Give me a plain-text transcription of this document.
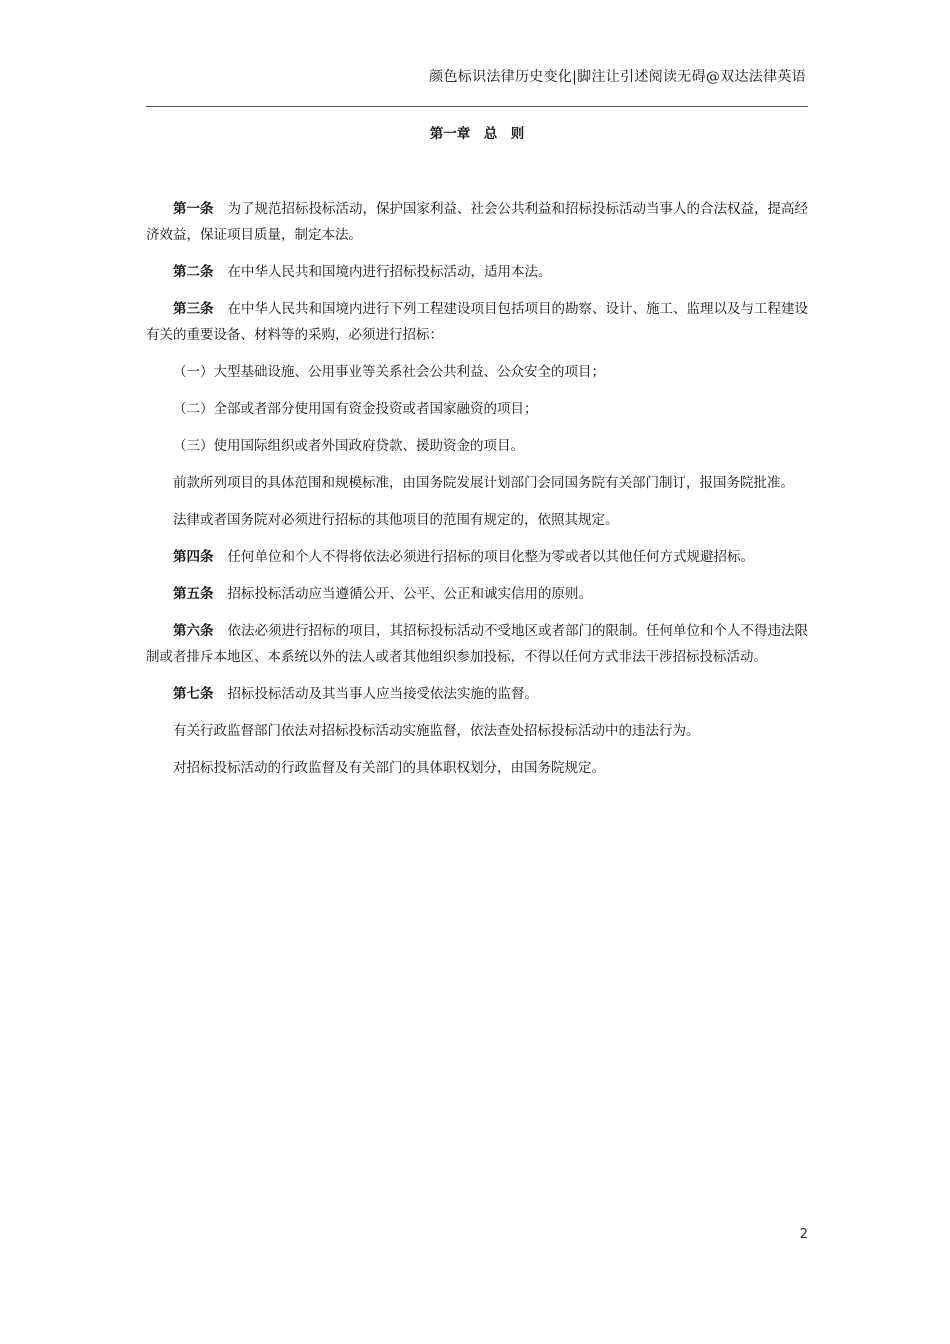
颜色标识法律历史变化|脚注让引述阅读无碍@双达法律英语
第一章　总　则

第一条 为了规范招标投标活动，保护国家利益、社会公共利益和招标投标活动当事人的合法权益，提高经济效益，保证项目质量，制定本法。

第二条 在中华人民共和国境内进行招标投标活动，适用本法。

第三条 在中华人民共和国境内进行下列工程建设项目包括项目的勘察、设计、施工、监理以及与工程建设有关的重要设备、材料等的采购，必须进行招标：

（一）大型基础设施、公用事业等关系社会公共利益、公众安全的项目；

（二）全部或者部分使用国有资金投资或者国家融资的项目；

（三）使用国际组织或者外国政府贷款、援助资金的项目。

前款所列项目的具体范围和规模标准，由国务院发展计划部门会同国务院有关部门制订，报国务院批准。

法律或者国务院对必须进行招标的其他项目的范围有规定的，依照其规定。

第四条 任何单位和个人不得将依法必须进行招标的项目化整为零或者以其他任何方式规避招标。

第五条 招标投标活动应当遵循公开、公平、公正和诚实信用的原则。

第六条 依法必须进行招标的项目，其招标投标活动不受地区或者部门的限制。任何单位和个人不得违法限制或者排斥本地区、本系统以外的法人或者其他组织参加投标，不得以任何方式非法干涉招标投标活动。

第七条 招标投标活动及其当事人应当接受依法实施的监督。

有关行政监督部门依法对招标投标活动实施监督，依法查处招标投标活动中的违法行为。

对招标投标活动的行政监督及有关部门的具体职权划分，由国务院规定。

2
